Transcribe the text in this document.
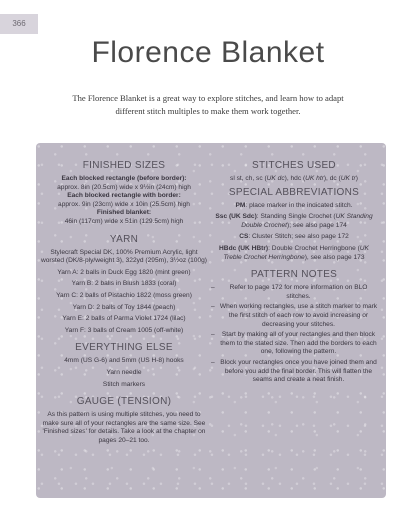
366
Florence Blanket

The Florence Blanket is a great way to explore stitches, and learn how to adapt different stitch multiples to make them work together.

FINISHED SIZES

Each blocked rectangle (before border):

approx. 8in (20.5cm) wide x 9½in (24cm) high

Each blocked rectangle with border:

approx. 9in (23cm) wide x 10in (25.5cm) high

Finished blanket:

46in (117cm) wide x 51in (129.5cm) high

YARN

Stylecraft Special DK, 100% Premium Acrylic, light worsted (DK/8-ply/weight 3), 322yd (295m), 3½oz (100g)

Yarn A: 2 balls in Duck Egg 1820 (mint green)

Yarn B: 2 balls in Blush 1833 (coral)

Yarn C: 2 balls of Pistachio 1822 (moss green)

Yarn D: 2 balls of Toy 1844 (peach)

Yarn E: 2 balls of Parma Violet 1724 (lilac)

Yarn F: 3 balls of Cream 1005 (off-white)

EVERYTHING ELSE

4mm (US G-6) and 5mm (US H-8) hooks

Yarn needle

Stitch markers

GAUGE (TENSION)

As this pattern is using multiple stitches, you need to make sure all of your rectangles are the same size. See 'Finished sizes' for details. Take a look at the chapter on pages 20–21 too.

STITCHES USED

sl st, ch, sc (UK dc), hdc (UK htr), dc (UK tr)

SPECIAL ABBREVIATIONS

PM: place marker in the indicated stitch.

Ssc (UK Sdc): Standing Single Crochet (UK Standing Double Crochet); see also page 174

CS: Cluster Stitch; see also page 172

HBdc (UK HBtr): Double Crochet Herringbone (UK Treble Crochet Herringbone), see also page 173

PATTERN NOTES
–	Refer to page 172 for more information on BLO stitches.
– When working rectangles, use a stitch marker to mark the first stitch of each row to avoid increasing or decreasing your stitches.
–	Start by making all of your rectangles and then block them to the stated size. Then add the borders to each one, following the pattern.
– Block your rectangles once you have joined them and before you add the final border. This will flatten the seams and create a neat finish.
